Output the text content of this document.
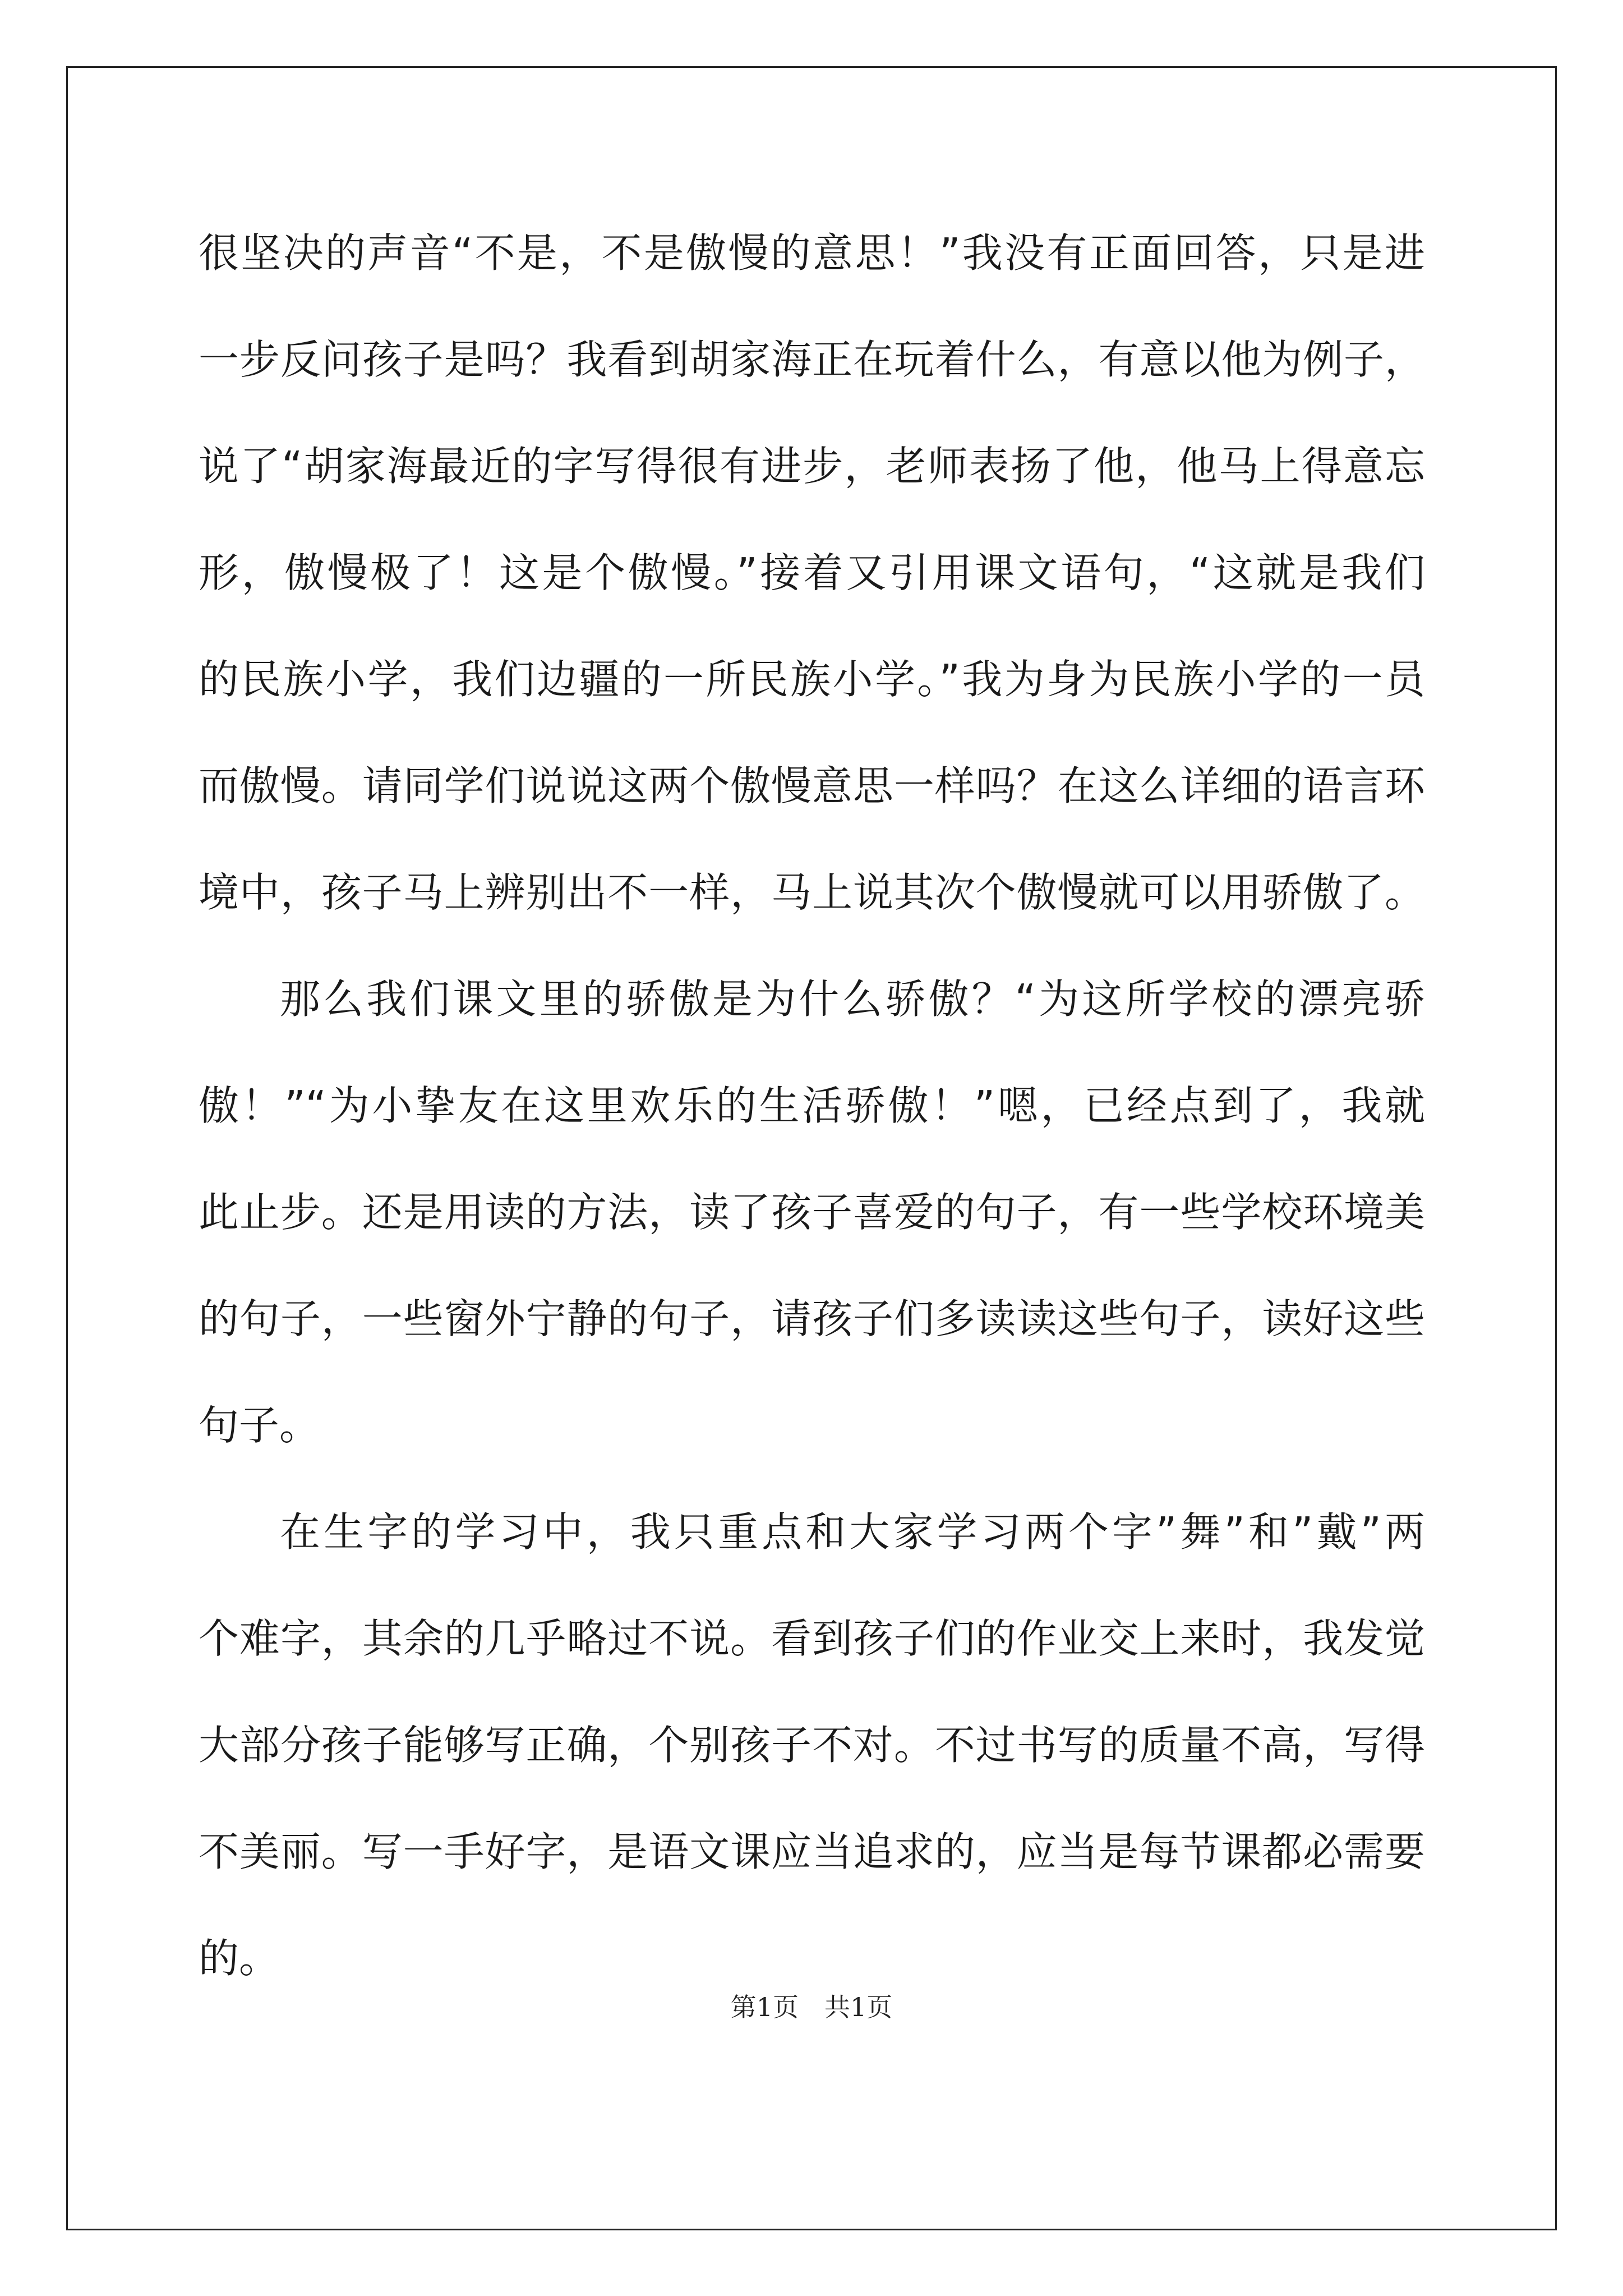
很坚决的声音“不是，不是傲慢的意思！”我没有正面回答，只是进
一步反问孩子是吗？我看到胡家海正在玩着什么，有意以他为例子，
说了“胡家海最近的字写得很有进步，老师表扬了他，他马上得意忘
形，傲慢极了！这是个傲慢。”接着又引用课文语句，“这就是我们
的民族小学，我们边疆的一所民族小学。”我为身为民族小学的一员
而傲慢。请同学们说说这两个傲慢意思一样吗？在这么详细的语言环
境中，孩子马上辨别出不一样，马上说其次个傲慢就可以用骄傲了。
那么我们课文里的骄傲是为什么骄傲？“为这所学校的漂亮骄
傲！”“为小挚友在这里欢乐的生活骄傲！”嗯，已经点到了，我就
此止步。还是用读的方法，读了孩子喜爱的句子，有一些学校环境美
的句子，一些窗外宁静的句子，请孩子们多读读这些句子，读好这些
句子。
在生字的学习中，我只重点和大家学习两个字”舞”和”戴”两
个难字，其余的几乎略过不说。看到孩子们的作业交上来时，我发觉
大部分孩子能够写正确，个别孩子不对。不过书写的质量不高，写得
不美丽。写一手好字，是语文课应当追求的，应当是每节课都必需要
的。
第1页　共1页
